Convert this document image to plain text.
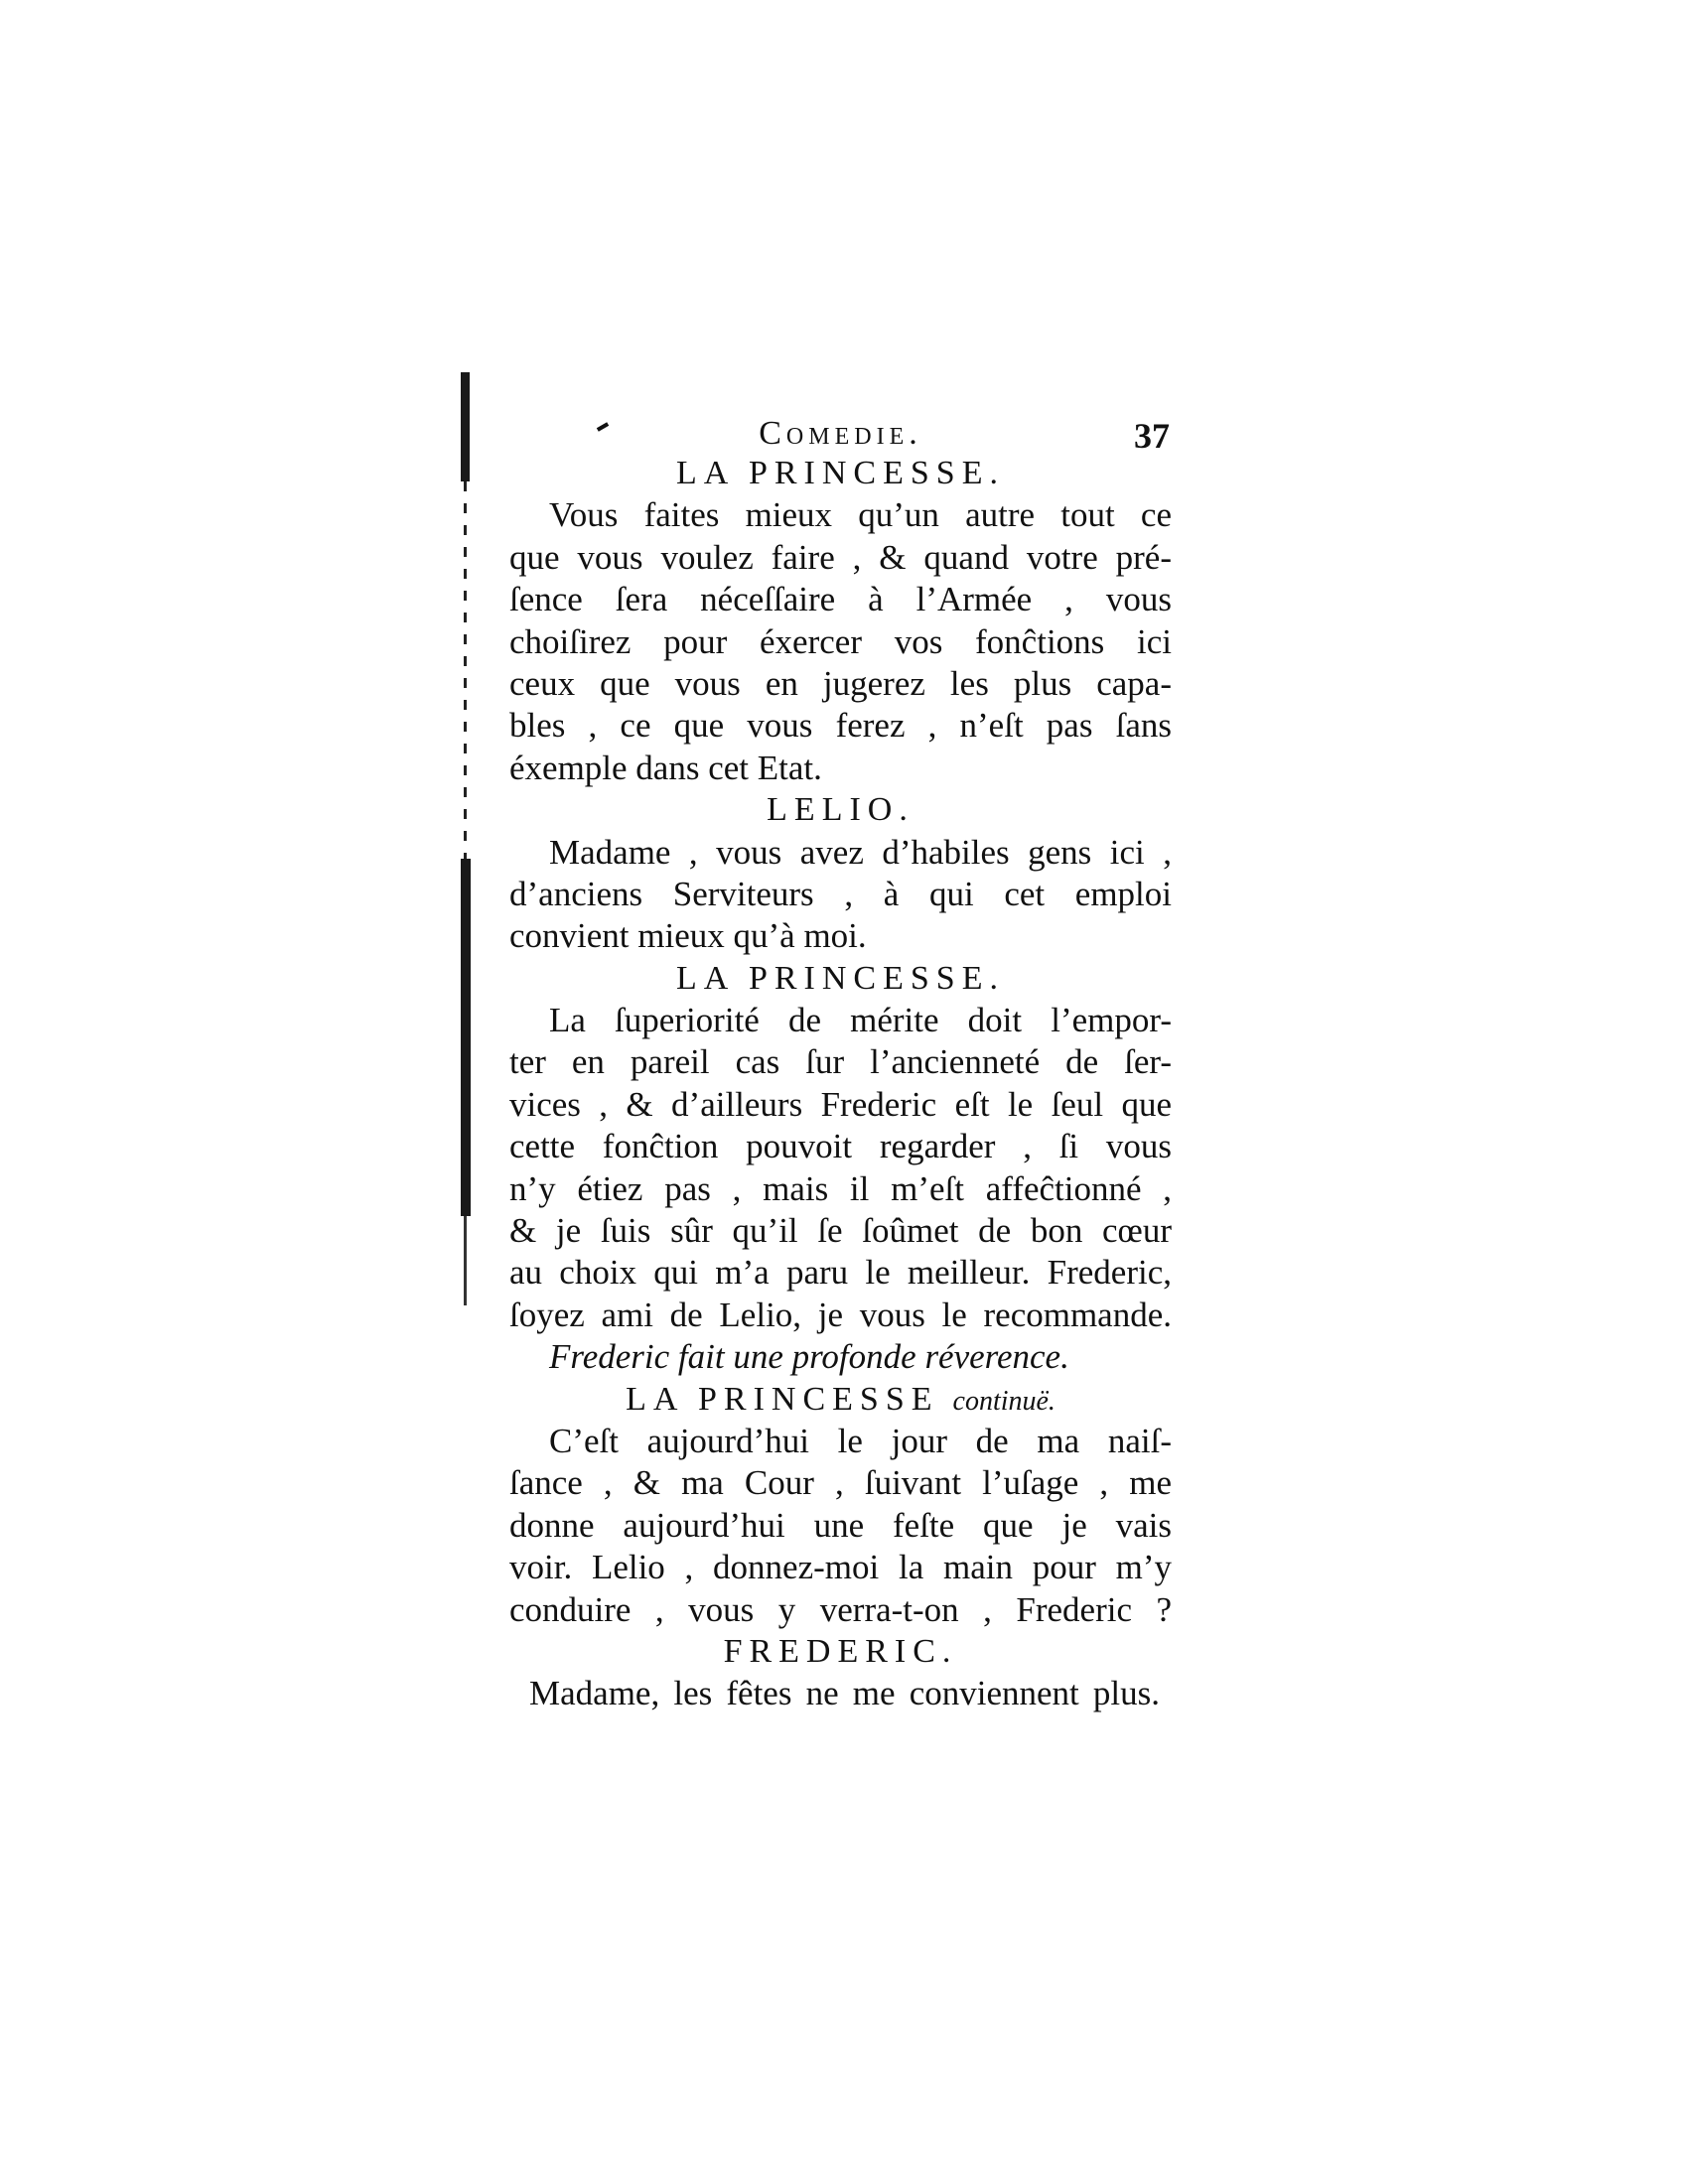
Comedie.	37
LA PRINCESSE.
Vous faites mieux qu’un autre tout ce
que vous voulez faire , & quand votre pré-
ſence ſera néceſſaire à l’Armée , vous
choiſirez pour éxercer vos fonĉtions ici
ceux que vous en jugerez les plus capa-
bles , ce que vous ferez , n’eſt pas ſans
éxemple dans cet Etat.
LELIO.
Madame , vous avez d’habiles gens ici ,
d’anciens Serviteurs , à qui cet emploi
convient mieux qu’à moi.
LA PRINCESSE.
La ſuperiorité de mérite doit l’empor-
ter en pareil cas ſur l’ancienneté de ſer-
vices , & d’ailleurs Frederic eſt le ſeul que
cette fonĉtion pouvoit regarder , ſi vous
n’y étiez pas , mais il m’eſt affeĉtionné ,
& je ſuis sûr qu’il ſe ſoûmet de bon cœur
au choix qui m’a paru le meilleur. Frederic,
ſoyez ami de Lelio, je vous le recommande.
Frederic fait une profonde réverence.
LA PRINCESSE continuë.
C’eſt aujourd’hui le jour de ma naiſ-
ſance , & ma Cour , ſuivant l’uſage , me
donne aujourd’hui une feſte que je vais
voir. Lelio , donnez-moi la main pour m’y
conduire , vous y verra-t-on , Frederic ?
FREDERIC.
Madame, les fêtes ne me conviennent plus.
